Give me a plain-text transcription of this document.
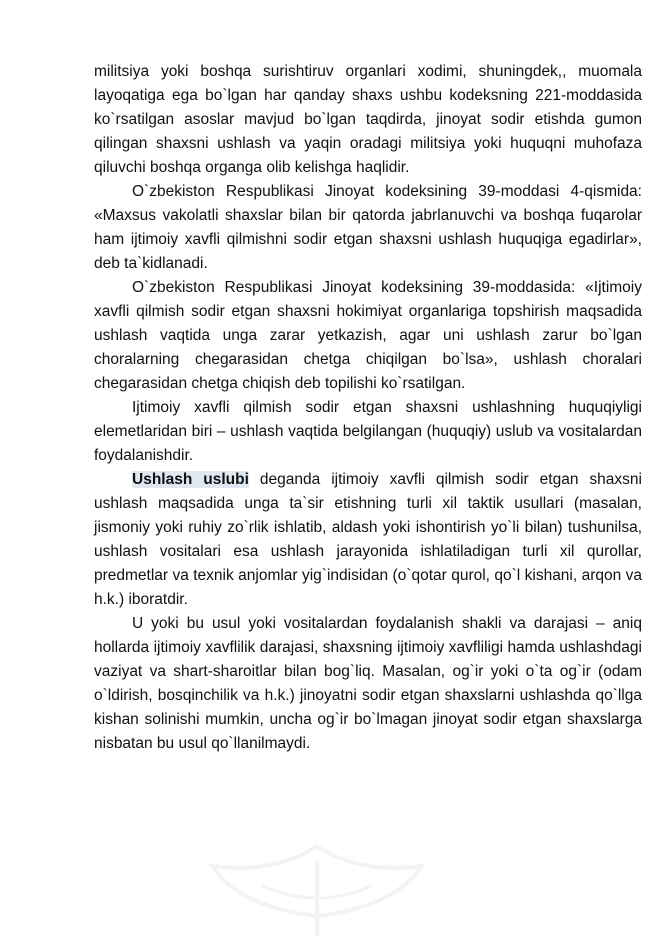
militsiya yoki boshqa surishtiruv organlari xodimi, shuningdek,, muomala layoqatiga ega bo`lgan har qanday shaxs ushbu kodeksning 221-moddasida ko`rsatilgan asoslar mavjud bo`lgan taqdirda, jinoyat sodir etishda gumon qilingan shaxsni ushlash va yaqin oradagi militsiya yoki huquqni muhofaza qiluvchi boshqa organga olib kelishga haqlidir.

O`zbekiston Respublikasi Jinoyat kodeksining 39-moddasi 4-qismida: «Maxsus vakolatli shaxslar bilan bir qatorda jabrlanuvchi va boshqa fuqarolar ham ijtimoiy xavfli qilmishni sodir etgan shaxsni ushlash huquqiga egadirlar», deb ta`kidlanadi.

O`zbekiston Respublikasi Jinoyat kodeksining 39-moddasida: «Ijtimoiy xavfli qilmish sodir etgan shaxsni hokimiyat organlariga topshirish maqsadida ushlash vaqtida unga zarar yetkazish, agar uni ushlash zarur bo`lgan choralarning chegarasidan chetga chiqilgan bo`lsa», ushlash choralari chegarasidan chetga chiqish deb topilishi ko`rsatilgan.

Ijtimoiy xavfli qilmish sodir etgan shaxsni ushlashning huquqiyligi elemetlaridan biri – ushlash vaqtida belgilangan (huquqiy) uslub va vositalardan foydalanishdir.

Ushlash uslubi deganda ijtimoiy xavfli qilmish sodir etgan shaxsni ushlash maqsadida unga ta`sir etishning turli xil taktik usullari (masalan, jismoniy yoki ruhiy zo`rlik ishlatib, aldash yoki ishontirish yo`li bilan) tushunilsa, ushlash vositalari esa ushlash jarayonida ishlatiladigan turli xil qurollar, predmetlar va texnik anjomlar yig`indisidan (o`qotar qurol, qo`l kishani, arqon va h.k.) iboratdir.

U yoki bu usul yoki vositalardan foydalanish shakli va darajasi – aniq hollarda ijtimoiy xavflilik darajasi, shaxsning ijtimoiy xavfliligi hamda ushlashdagi vaziyat va shart-sharoitlar bilan bog`liq. Masalan, og`ir yoki o`ta og`ir (odam o`ldirish, bosqinchilik va h.k.) jinoyatni sodir etgan shaxslarni ushlashda qo`llga kishan solinishi mumkin, uncha og`ir bo`lmagan jinoyat sodir etgan shaxslarga nisbatan bu usul qo`llanilmaydi.
